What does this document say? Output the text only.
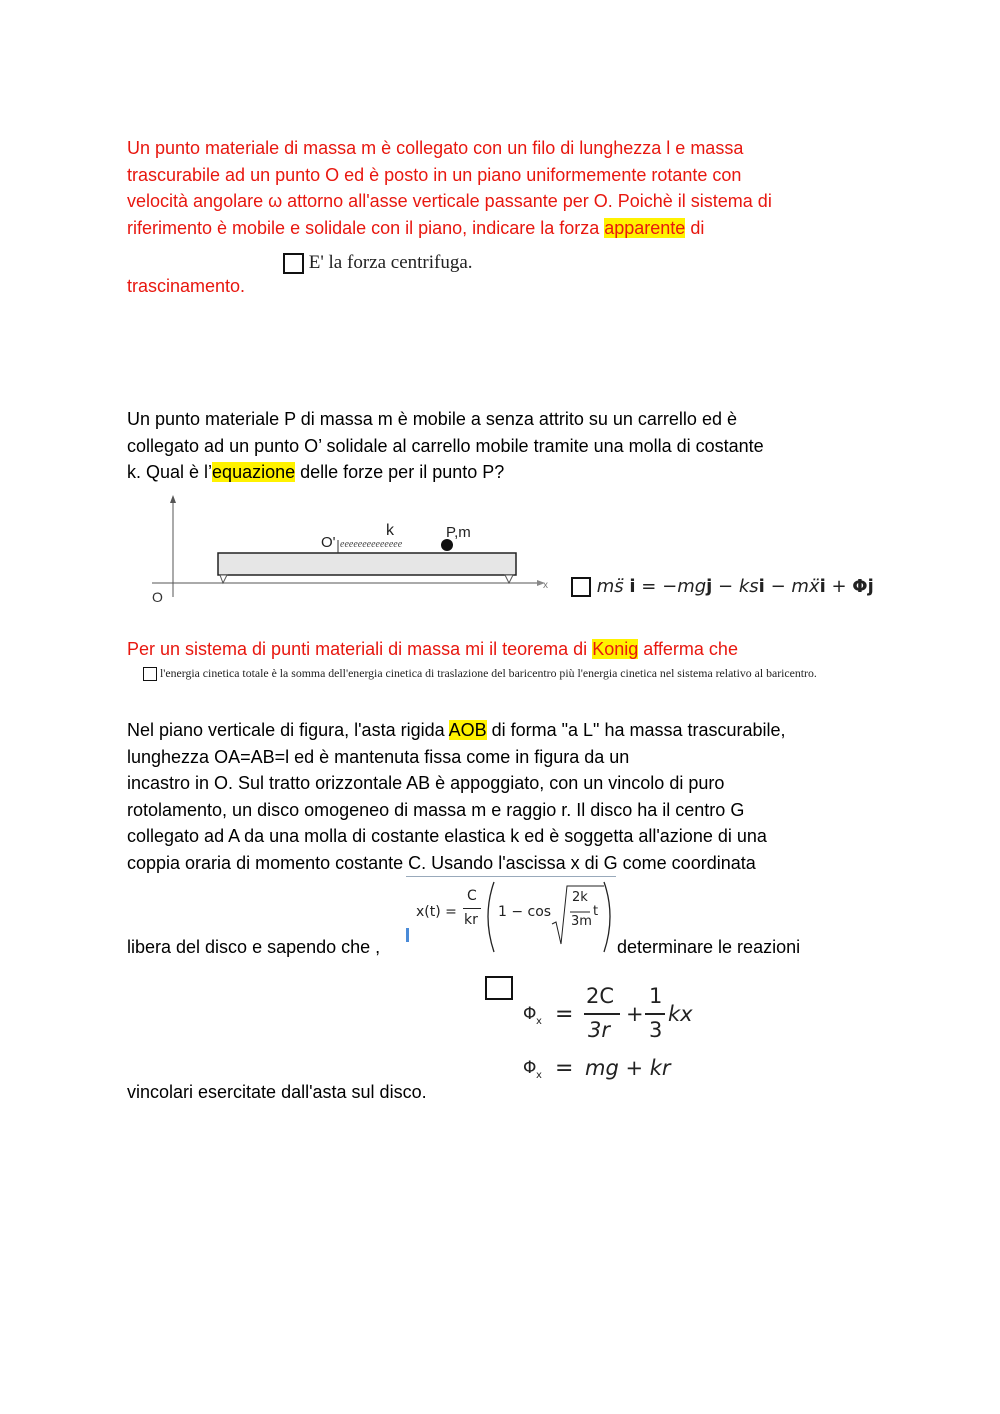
Un punto materiale di massa m è collegato con un filo di lunghezza l e massa
trascurabile ad un punto O ed è posto in un piano uniformemente rotante con
velocità angolare ω attorno all'asse verticale passante per O. Poichè il sistema di
riferimento è mobile e solidale con il piano, indicare la forza apparente di
trascinamento.
E' la forza centrifuga.
Un punto materiale P di massa m è mobile a senza attrito su un carrello ed è
collegato ad un punto O’ solidale al carrello mobile tramite una molla di costante
k. Qual è l’equazione delle forze per il punto P?
O
O' eeeeeeeeeeeeee
k	P,m
x	ms̈ i = −mgj − ksi − mẍi + Φj
Per un sistema di punti materiali di massa mi il teorema di Konig afferma che
l'energia cinetica totale è la somma dell'energia cinetica di traslazione del baricentro più l'energia cinetica nel sistema relativo al baricentro.
Nel piano verticale di figura, l'asta rigida AOB di forma "a L" ha massa trascurabile,
lunghezza OA=AB=l ed è mantenuta fissa come in figura da un
incastro in O. Sul tratto orizzontale AB è appoggiato, con un vincolo di puro
rotolamento, un disco omogeneo di massa m e raggio r. Il disco ha il centro G
collegato ad A da una molla di costante elastica k ed è soggetta all'azione di una
coppia oraria di momento costante C. Usando l'ascissa x di G come coordinata
libera del disco e sapendo che ,	determinare le reazioni
x(t) =
C
kr 1 − cos
2k
3m
t
Φ x =
2C
3r
+
1
3
kx
Φ x = mg + kr
vincolari esercitate dall'asta sul disco.
